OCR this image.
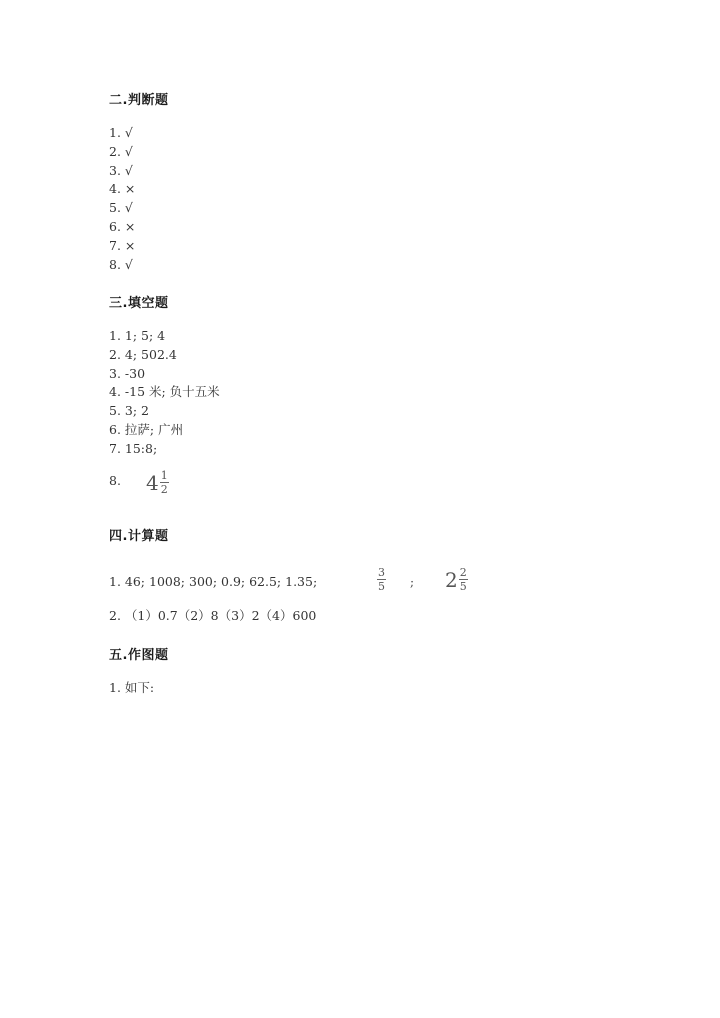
二.判断题
1. √
2. √
3. √
4. ×
5. √
6. ×
7. ×
8. √
三.填空题
1. 1; 5; 4
2. 4; 502.4
3. -30
4. -15 米; 负十五米
5. 3; 2
6. 拉萨; 广州
7. 15:8;
8. $4 \frac{1}{2}$
四.计算题
1. 46; 1008; 300; 0.9; 62.5; 1.35;	$\frac{3}{5}$ ; $2 \frac{2}{5}$
2. （1）0.7（2）8（3）2（4）600
五.作图题
1. 如下:
